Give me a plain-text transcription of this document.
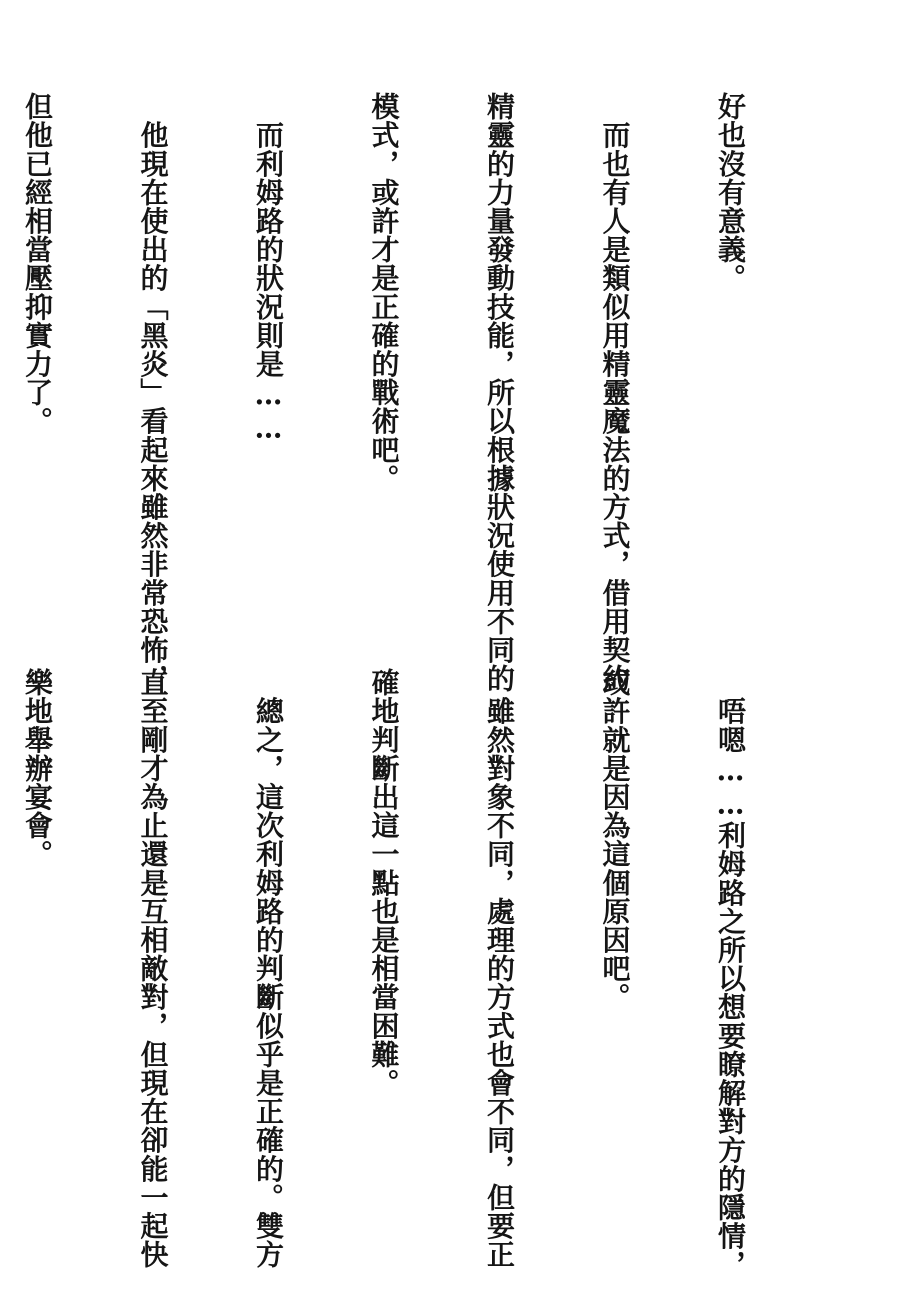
好也沒有意義。

　而也有人是類似用精靈魔法的方式，借用契約

精靈的力量發動技能，所以根據狀況使用不同的

模式，或許才是正確的戰術吧。

　而利姆路的狀況則是……

　他現在使出的「黑炎」看起來雖然非常恐怖，

但他已經相當壓抑實力了。

　唔嗯……利姆路之所以想要瞭解對方的隱情，

或許就是因為這個原因吧。

　雖然對象不同，處理的方式也會不同，但要正

確地判斷出這一點也是相當困難。

　總之，這次利姆路的判斷似乎是正確的。雙方

直至剛才為止還是互相敵對，但現在卻能一起快

樂地舉辦宴會。
